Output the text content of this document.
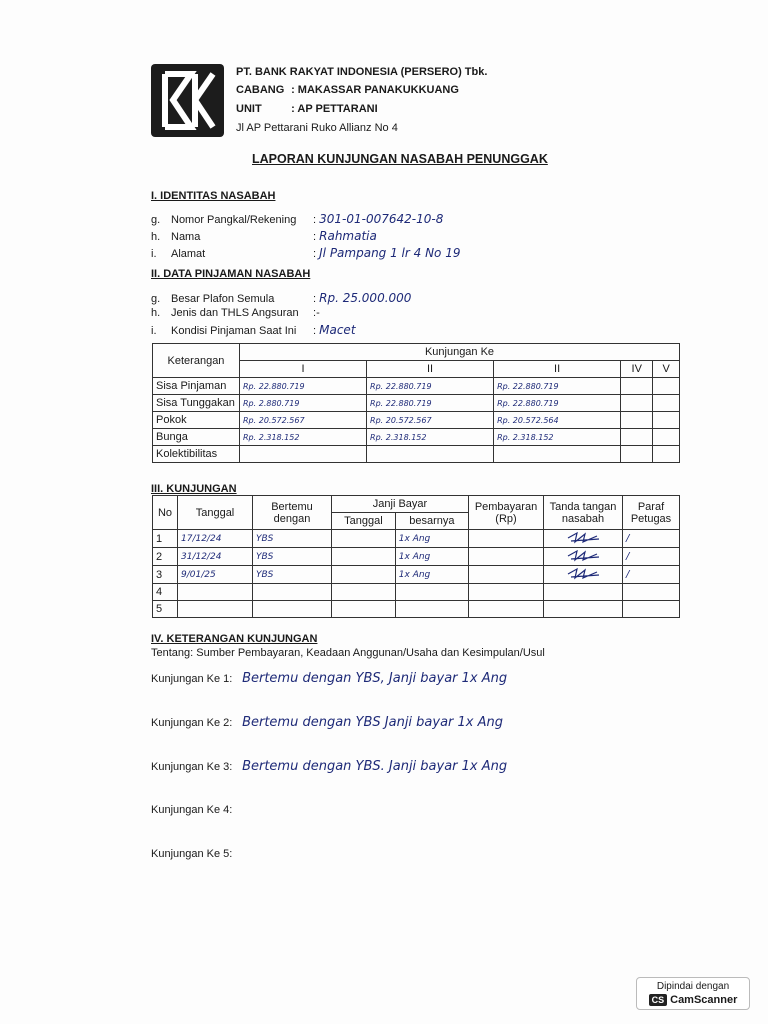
PT. BANK RAKYAT INDONESIA (PERSERO) Tbk.
CABANG : MAKASSAR PANAKUKKUANG
UNIT	: AP PETTARANI
Jl AP Pettarani Ruko Allianz No 4
LAPORAN KUNJUNGAN NASABAH PENUNGGAK
I. IDENTITAS NASABAH
g. Nomor Pangkal/Rekening : 301-01-007642-10-8
h. Nama	: Rahmatia
i. Alamat	: Jl Pampang 1 lr 4 No 19
II. DATA PINJAMAN NASABAH
g. Besar Plafon Semula	: Rp. 25.000.000
h. Jenis dan THLS Angsuran :-
i. Kondisi Pinjaman Saat Ini : Macet
Keterangan	Kunjungan Ke				
	I	II	II	IV	V
Sisa Pinjaman	Rp. 22.880.719	Rp. 22.880.719	Rp. 22.880.719		
Sisa Tunggakan	Rp. 2.880.719	Rp. 22.880.719	Rp. 22.880.719		
Pokok	Rp. 20.572.567	Rp. 20.572.567	Rp. 20.572.564		
Bunga	Rp. 2.318.152	Rp. 2.318.152	Rp. 2.318.152		
Kolektibilitas					
III. KUNJUNGAN
No	Tanggal	Bertemu dengan	Janji Bayar		Pembayaran (Rp)	Tanda tangan nasabah	Paraf Petugas
			Tanggal	besarnya			
1	17/12/24	YBS		1x Ang			/
2	31/12/24	YBS		1x Ang			/
3	9/01/25	YBS		1x Ang			/
4							
5							
IV. KETERANGAN KUNJUNGAN
Tentang: Sumber Pembayaran, Keadaan Anggunan/Usaha dan Kesimpulan/Usul
Kunjungan Ke 1: Bertemu dengan YBS, Janji bayar 1x Ang
Kunjungan Ke 2: Bertemu dengan YBS Janji bayar 1x Ang
Kunjungan Ke 3: Bertemu dengan YBS. Janji bayar 1x Ang
Kunjungan Ke 4:
Kunjungan Ke 5:
Dipindai dengan
CS CamScanner
